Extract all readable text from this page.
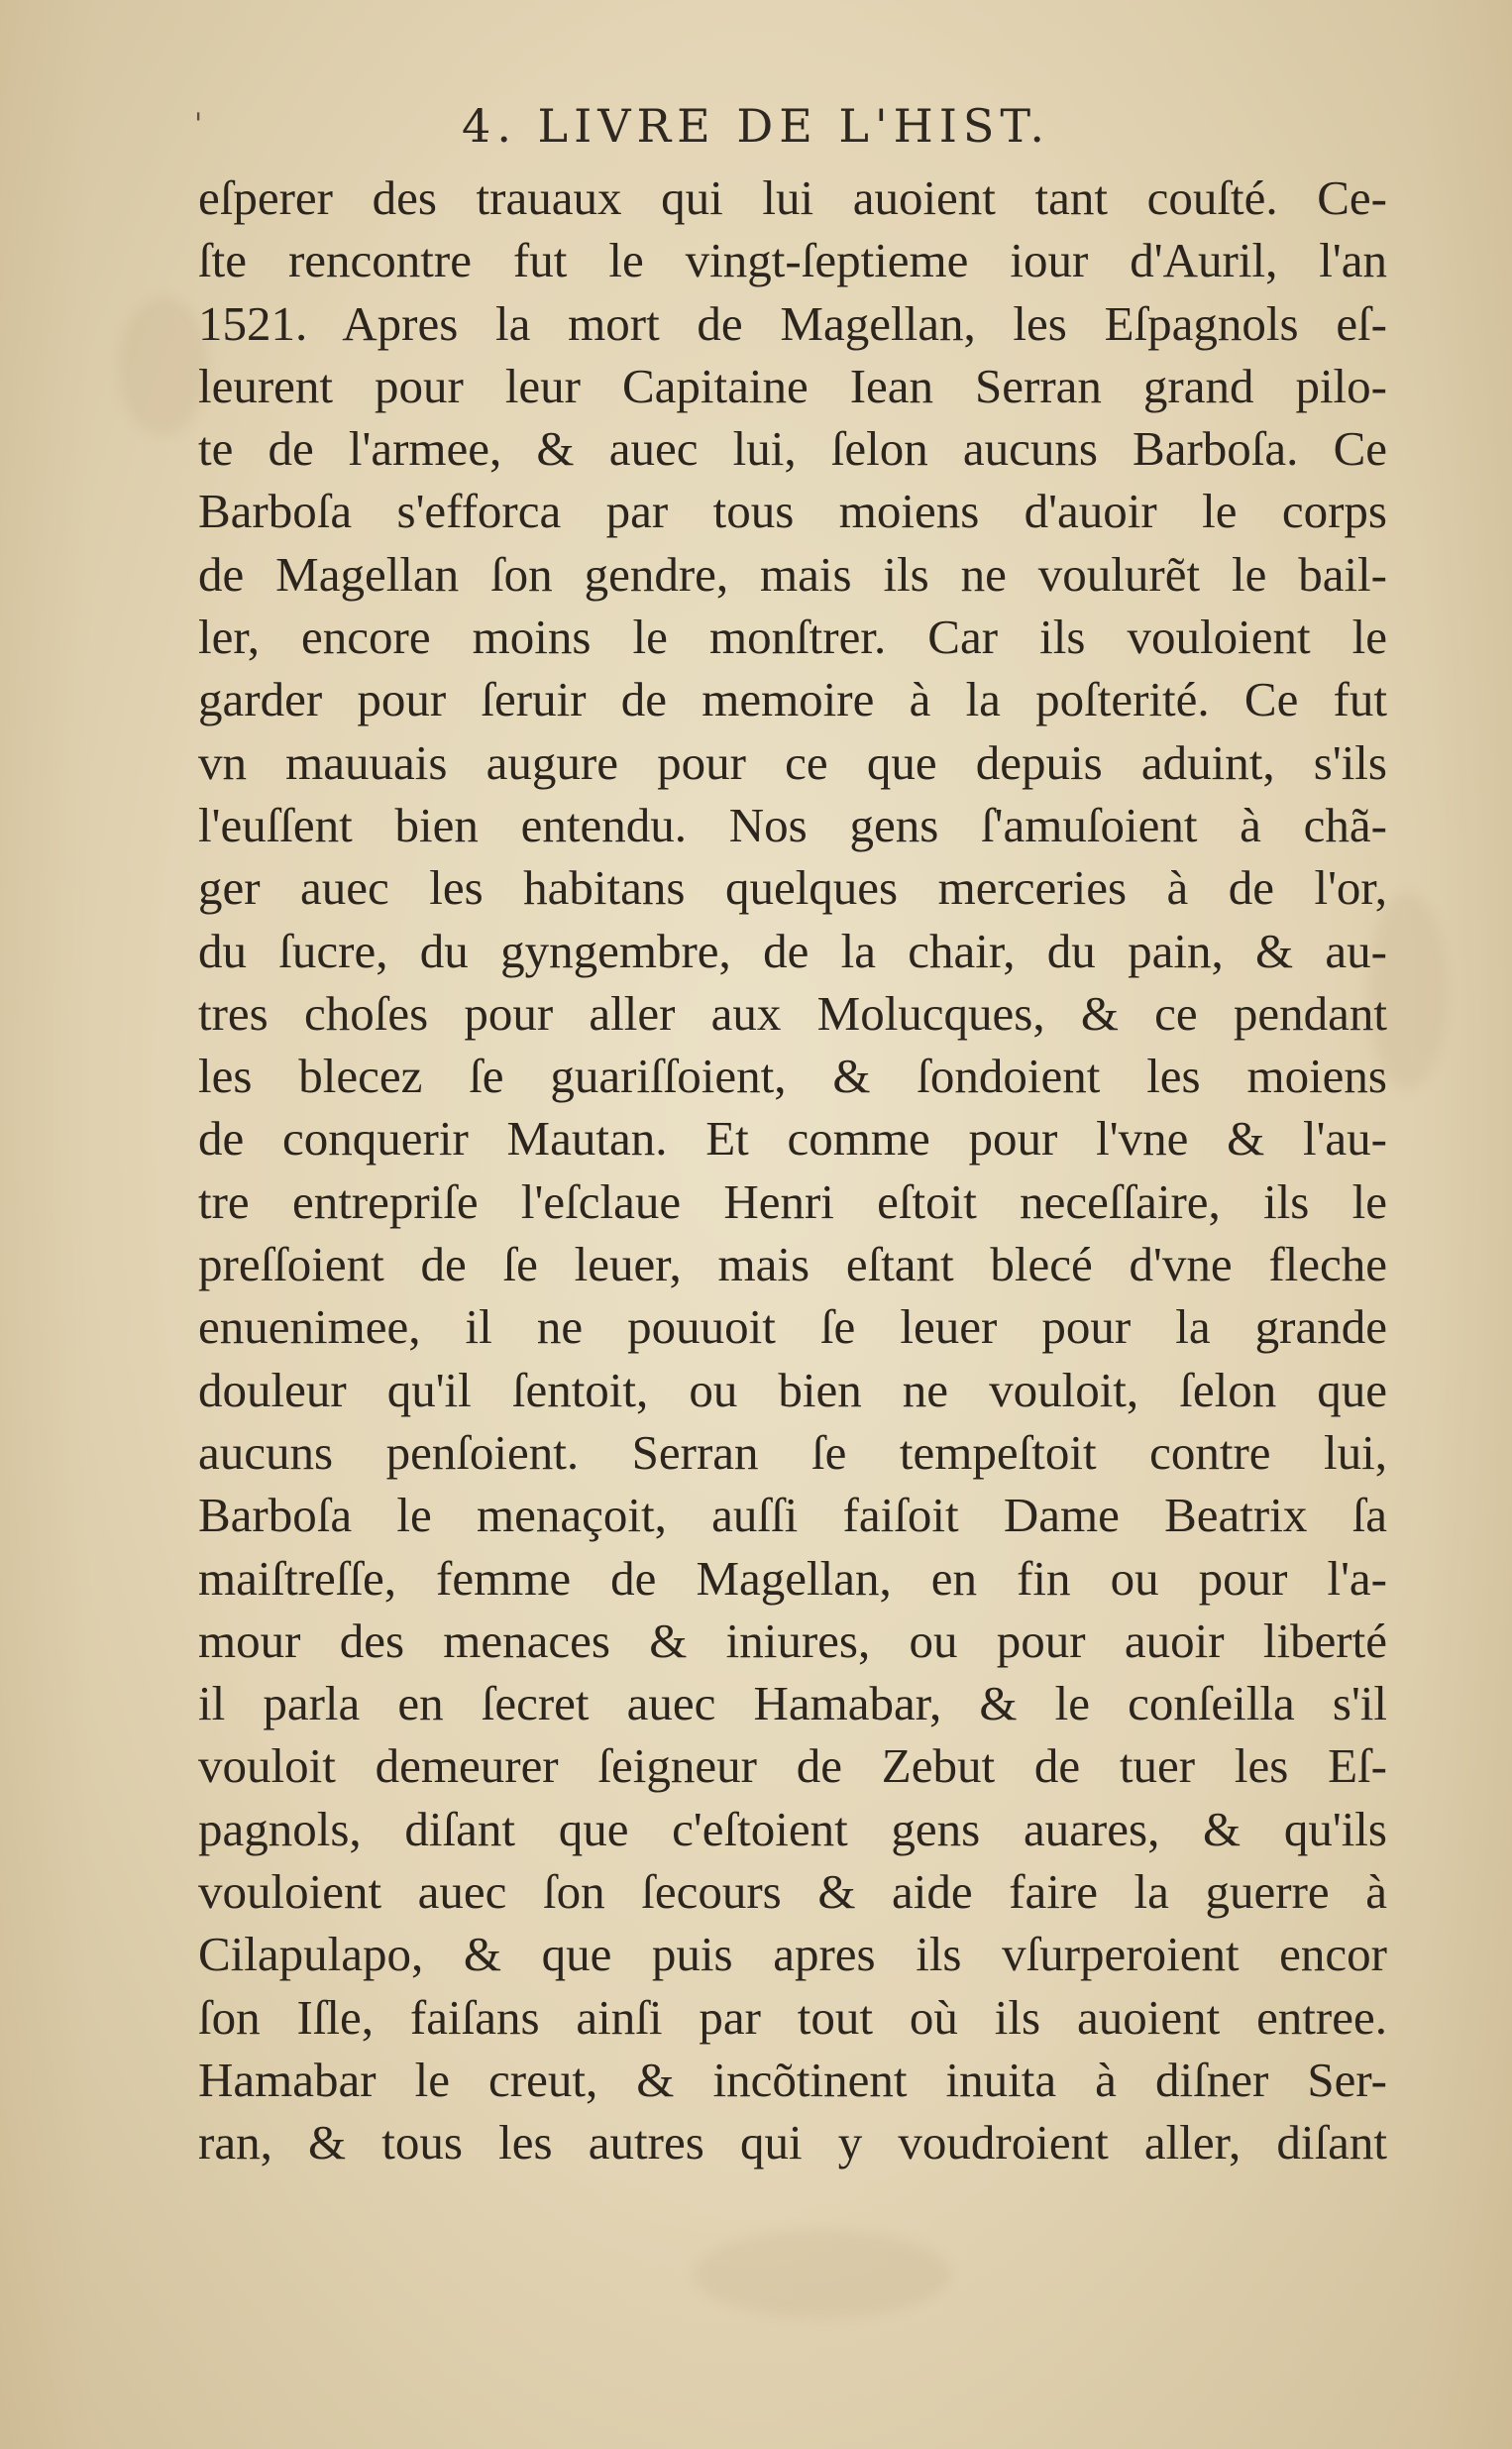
'	4. LIVRE DE L'HIST.
eſperer des trauaux qui lui auoient tant couſté. Ce-
ſte rencontre fut le vingt-ſeptieme iour d'Auril, l'an
1521. Apres la mort de Magellan, les Eſpagnols eſ-
leurent pour leur Capitaine Iean Serran grand pilo-
te de l'armee, & auec lui, ſelon aucuns Barboſa. Ce
Barboſa s'efforca par tous moiens d'auoir le corps
de Magellan ſon gendre, mais ils ne voulurẽt le bail-
ler, encore moins le monſtrer. Car ils vouloient le
garder pour ſeruir de memoire à la poſterité. Ce fut
vn mauuais augure pour ce que depuis aduint, s'ils
l'euſſent bien entendu. Nos gens ſ'amuſoient à chã-
ger auec les habitans quelques merceries à de l'or,
du ſucre, du gyngembre, de la chair, du pain, & au-
tres choſes pour aller aux Molucques, & ce pendant
les blecez ſe guariſſoient, & ſondoient les moiens
de conquerir Mautan. Et comme pour l'vne & l'au-
tre entrepriſe l'eſclaue Henri eſtoit neceſſaire, ils le
preſſoient de ſe leuer, mais eſtant blecé d'vne fleche
enuenimee, il ne pouuoit ſe leuer pour la grande
douleur qu'il ſentoit, ou bien ne vouloit, ſelon que
aucuns penſoient. Serran ſe tempeſtoit contre lui,
Barboſa le menaçoit, auſſi faiſoit Dame Beatrix ſa
maiſtreſſe, femme de Magellan, en fin ou pour l'a-
mour des menaces & iniures, ou pour auoir liberté
il parla en ſecret auec Hamabar, & le conſeilla s'il
vouloit demeurer ſeigneur de Zebut de tuer les Eſ-
pagnols, diſant que c'eſtoient gens auares, & qu'ils
vouloient auec ſon ſecours & aide faire la guerre à
Cilapulapo, & que puis apres ils vſurperoient encor
ſon Iſle, faiſans ainſi par tout où ils auoient entree.
Hamabar le creut, & incõtinent inuita à diſner Ser-
ran, & tous les autres qui y voudroient aller, diſant
